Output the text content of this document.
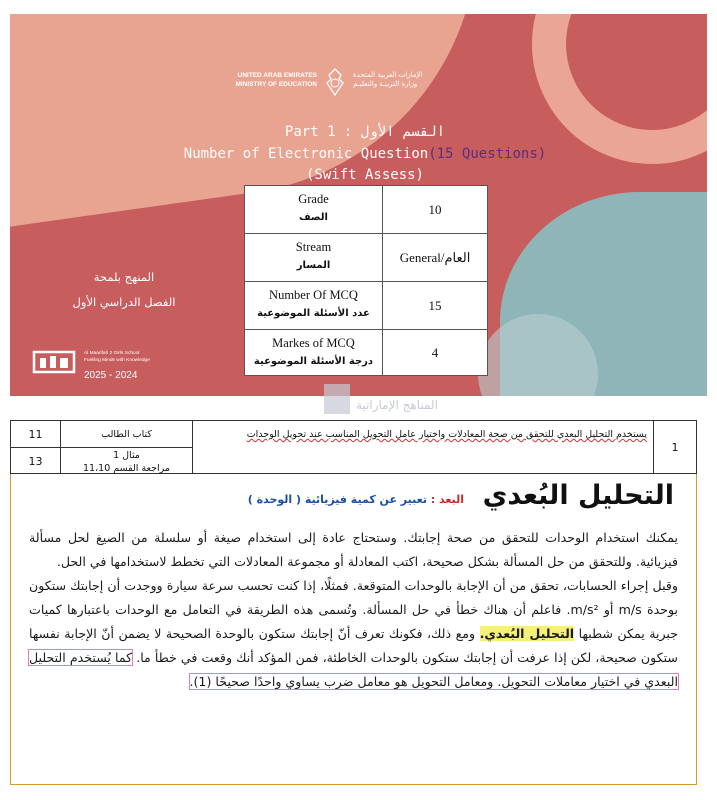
UNITED ARAB EMIRATES
MINISTRY OF EDUCATION
الإمارات العربية المتحدة
وزارة التربيـة والتعليـم
Part 1 : القسم الأول
Number of Electronic Question(15 Questions)
(Swift Assess)
المنهج بلمحة
الفصل الدراسي الأول
Al Maarifah 2 Girls School
Fuelling Minds with Knowledge
2025 - 2024
Grade
الصف
10
Stream
المسار
General/العام
Number Of MCQ
عدد الأسئلة الموضوعية
15
Markes of MCQ
درجة الأسئلة الموضوعية
4
المناهج الإماراتية
11
13
كتاب الطالب
مثال 1
مراجعة القسم 11،10
يستخدم التحليل البعدي للتحقق من صحة المعادلات واختيار عامل التحويل المناسب عند تحويل الوحدات
1
التحليل البُعدي
البعد : تعبير عن كمية فيزيائية ( الوحدة )

يمكنك استخدام الوحدات للتحقق من صحة إجابتك. وستحتاج عادة إلى استخدام صيغة أو سلسلة من الصيغ لحل مسألة فيزيائية. وللتحقق من حل المسألة بشكل صحيحة، اكتب المعادلة أو مجموعة المعادلات التي تخطط لاستخدامها في الحل.

وقبل إجراء الحسابات، تحقق من أن الإجابة بالوحدات المتوقعة. فمثلًا، إذا كنت تحسب سرعة سيارة ووجدت أن إجابتك ستكون بوحدة m/s أو m/s². فاعلم أن هناك خطأ في حل المسألة. وتُسمى هذه الطريقة في التعامل مع الوحدات باعتبارها كميات جبرية يمكن شطبها التحليل البُعدي. ومع ذلك، فكونك تعرف أنّ إجابتك ستكون بالوحدة الصحيحة لا يضمن أنّ الإجابة نفسها ستكون صحيحة، لكن إذا عرفت أن إجابتك ستكون بالوحدات الخاطئة، فمن المؤكد أنك وقعت في خطأ ما. كما يُستخدم التحليل البعدي في اختيار معاملات التحويل. ومعامل التحويل هو معامل ضرب يساوي واحدًا صحيحًا (1).
